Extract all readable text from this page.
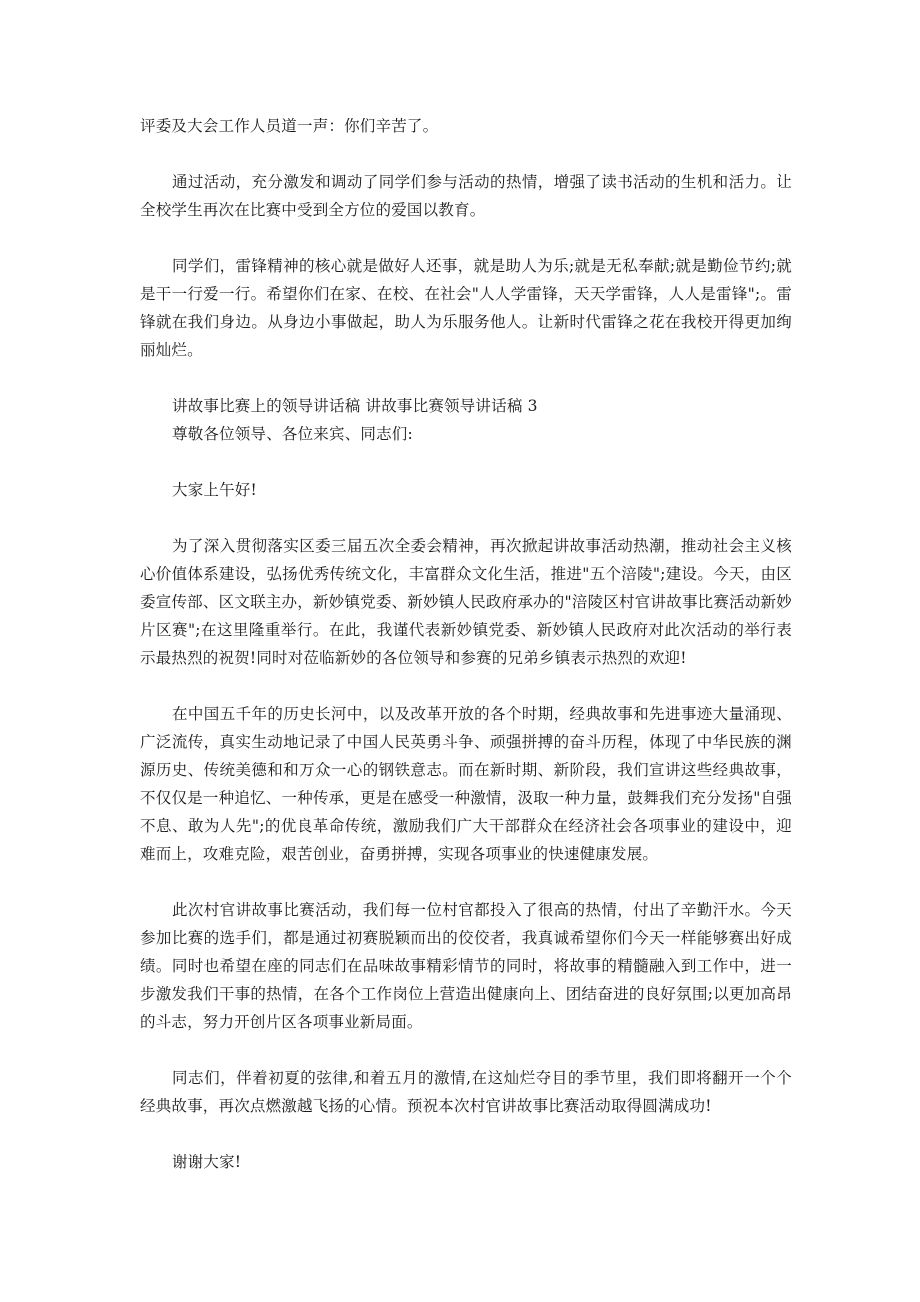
评委及大会工作人员道一声：你们辛苦了。

通过活动，充分激发和调动了同学们参与活动的热情，增强了读书活动的生机和活力。让全校学生再次在比赛中受到全方位的爱国以教育。

同学们，雷锋精神的核心就是做好人还事，就是助人为乐;就是无私奉献;就是勤俭节约;就是干一行爱一行。希望你们在家、在校、在社会"人人学雷锋，天天学雷锋，人人是雷锋";。雷锋就在我们身边。从身边小事做起，助人为乐服务他人。让新时代雷锋之花在我校开得更加绚丽灿烂。

讲故事比赛上的领导讲话稿 讲故事比赛领导讲话稿 3

尊敬各位领导、各位来宾、同志们:

大家上午好!

为了深入贯彻落实区委三届五次全委会精神，再次掀起讲故事活动热潮，推动社会主义核心价值体系建设，弘扬优秀传统文化，丰富群众文化生活，推进"五个涪陵";建设。今天，由区委宣传部、区文联主办，新妙镇党委、新妙镇人民政府承办的"涪陵区村官讲故事比赛活动新妙片区赛";在这里隆重举行。在此，我谨代表新妙镇党委、新妙镇人民政府对此次活动的举行表示最热烈的祝贺!同时对莅临新妙的各位领导和参赛的兄弟乡镇表示热烈的欢迎!

在中国五千年的历史长河中，以及改革开放的各个时期，经典故事和先进事迹大量涌现、广泛流传，真实生动地记录了中国人民英勇斗争、顽强拼搏的奋斗历程，体现了中华民族的渊源历史、传统美德和和万众一心的钢铁意志。而在新时期、新阶段，我们宣讲这些经典故事，不仅仅是一种追忆、一种传承，更是在感受一种激情，汲取一种力量，鼓舞我们充分发扬"自强不息、敢为人先";的优良革命传统，激励我们广大干部群众在经济社会各项事业的建设中，迎难而上，攻难克险，艰苦创业，奋勇拼搏，实现各项事业的快速健康发展。

此次村官讲故事比赛活动，我们每一位村官都投入了很高的热情，付出了辛勤汗水。今天参加比赛的选手们，都是通过初赛脱颖而出的佼佼者，我真诚希望你们今天一样能够赛出好成绩。同时也希望在座的同志们在品味故事精彩情节的同时，将故事的精髓融入到工作中，进一步激发我们干事的热情，在各个工作岗位上营造出健康向上、团结奋进的良好氛围;以更加高昂的斗志，努力开创片区各项事业新局面。

同志们，伴着初夏的弦律,和着五月的激情,在这灿烂夺目的季节里，我们即将翻开一个个经典故事，再次点燃激越飞扬的心情。预祝本次村官讲故事比赛活动取得圆满成功!

谢谢大家!
